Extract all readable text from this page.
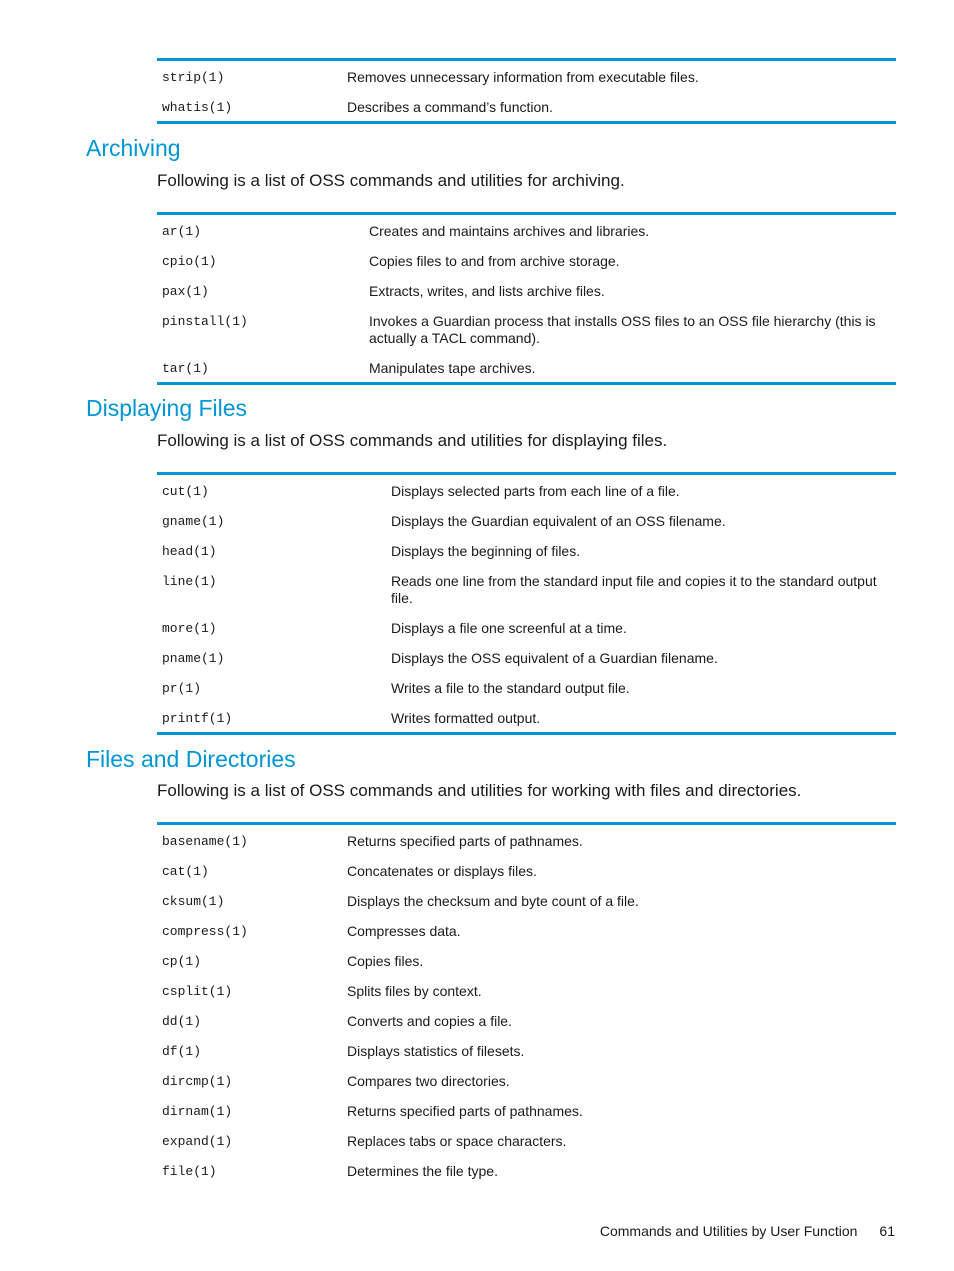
strip(1)	Removes unnecessary information from executable files.
whatis(1)	Describes a command’s function.
Archiving

Following is a list of OSS commands and utilities for archiving.

ar(1)	Creates and maintains archives and libraries.
cpio(1)	Copies files to and from archive storage.
pax(1)	Extracts, writes, and lists archive files.
pinstall(1)	Invokes a Guardian process that installs OSS files to an OSS file hierarchy (this is actually a TACL command).
tar(1)	Manipulates tape archives.
Displaying Files

Following is a list of OSS commands and utilities for displaying files.

cut(1)	Displays selected parts from each line of a file.
gname(1)	Displays the Guardian equivalent of an OSS filename.
head(1)	Displays the beginning of files.
line(1)	Reads one line from the standard input file and copies it to the standard output file.
more(1)	Displays a file one screenful at a time.
pname(1)	Displays the OSS equivalent of a Guardian filename.
pr(1)	Writes a file to the standard output file.
printf(1)	Writes formatted output.
Files and Directories

Following is a list of OSS commands and utilities for working with files and directories.

basename(1)	Returns specified parts of pathnames.
cat(1)	Concatenates or displays files.
cksum(1)	Displays the checksum and byte count of a file.
compress(1)	Compresses data.
cp(1)	Copies files.
csplit(1)	Splits files by context.
dd(1)	Converts and copies a file.
df(1)	Displays statistics of filesets.
dircmp(1)	Compares two directories.
dirnam(1)	Returns specified parts of pathnames.
expand(1)	Replaces tabs or space characters.
file(1)	Determines the file type.
Commands and Utilities by User Function 61
